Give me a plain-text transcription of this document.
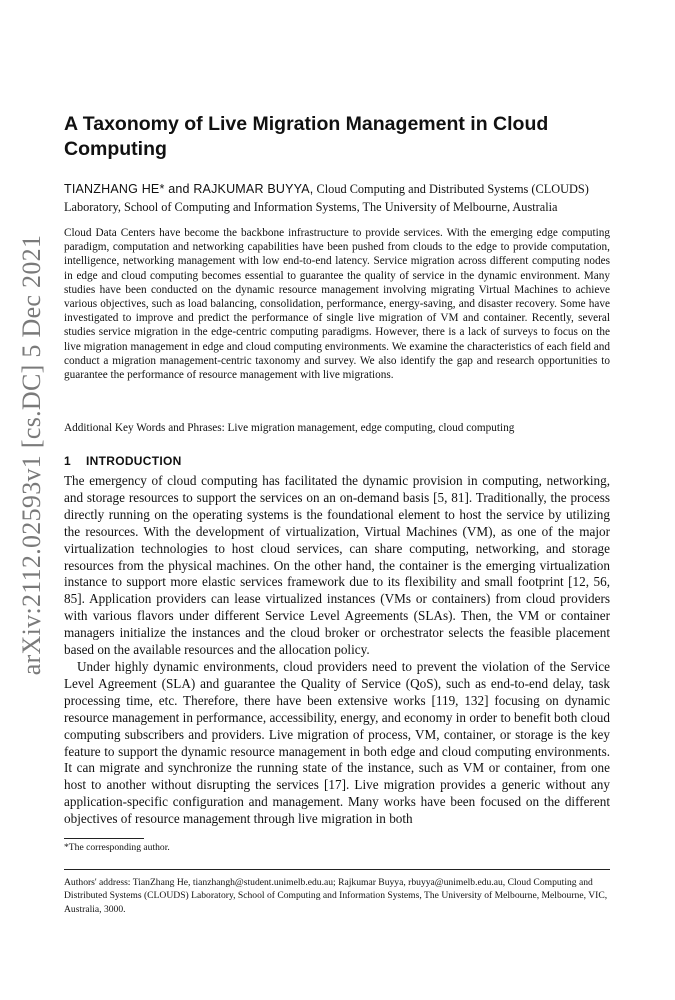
arXiv:2112.02593v1 [cs.DC] 5 Dec 2021
A Taxonomy of Live Migration Management in Cloud Computing
TIANZHANG HE* and RAJKUMAR BUYYA, Cloud Computing and Distributed Systems (CLOUDS) Laboratory, School of Computing and Information Systems, The University of Melbourne, Australia

Cloud Data Centers have become the backbone infrastructure to provide services. With the emerging edge computing paradigm, computation and networking capabilities have been pushed from clouds to the edge to provide computation, intelligence, networking management with low end-to-end latency. Service migration across different computing nodes in edge and cloud computing becomes essential to guarantee the quality of service in the dynamic environment. Many studies have been conducted on the dynamic resource management involving migrating Virtual Machines to achieve various objectives, such as load balancing, consolidation, performance, energy-saving, and disaster recovery. Some have investigated to improve and predict the performance of single live migration of VM and container. Recently, several studies service migration in the edge-centric computing paradigms. However, there is a lack of surveys to focus on the live migration management in edge and cloud computing environments. We examine the characteristics of each field and conduct a migration management-centric taxonomy and survey. We also identify the gap and research opportunities to guarantee the performance of resource management with live migrations.

Additional Key Words and Phrases: Live migration management, edge computing, cloud computing

1 INTRODUCTION

The emergency of cloud computing has facilitated the dynamic provision in computing, networking, and storage resources to support the services on an on-demand basis [5, 81]. Traditionally, the process directly running on the operating systems is the foundational element to host the service by utilizing the resources. With the development of virtualization, Virtual Machines (VM), as one of the major virtualization technologies to host cloud services, can share computing, networking, and storage resources from the physical machines. On the other hand, the container is the emerging virtualization instance to support more elastic services framework due to its flexibility and small footprint [12, 56, 85]. Application providers can lease virtualized instances (VMs or containers) from cloud providers with various flavors under different Service Level Agreements (SLAs). Then, the VM or container managers initialize the instances and the cloud broker or orchestrator selects the feasible placement based on the available resources and the allocation policy.

Under highly dynamic environments, cloud providers need to prevent the violation of the Service Level Agreement (SLA) and guarantee the Quality of Service (QoS), such as end-to-end delay, task processing time, etc. Therefore, there have been extensive works [119, 132] focusing on dynamic resource management in performance, accessibility, energy, and economy in order to benefit both cloud computing subscribers and providers. Live migration of process, VM, container, or storage is the key feature to support the dynamic resource management in both edge and cloud computing environments. It can migrate and synchronize the running state of the instance, such as VM or container, from one host to another without disrupting the services [17]. Live migration provides a generic without any application-specific configuration and management. Many works have been focused on the different objectives of resource management through live migration in both

*The corresponding author.

Authors' address: TianZhang He, tianzhangh@student.unimelb.edu.au; Rajkumar Buyya, rbuyya@unimelb.edu.au, Cloud Computing and Distributed Systems (CLOUDS) Laboratory, School of Computing and Information Systems, The University of Melbourne, Melbourne, VIC, Australia, 3000.
